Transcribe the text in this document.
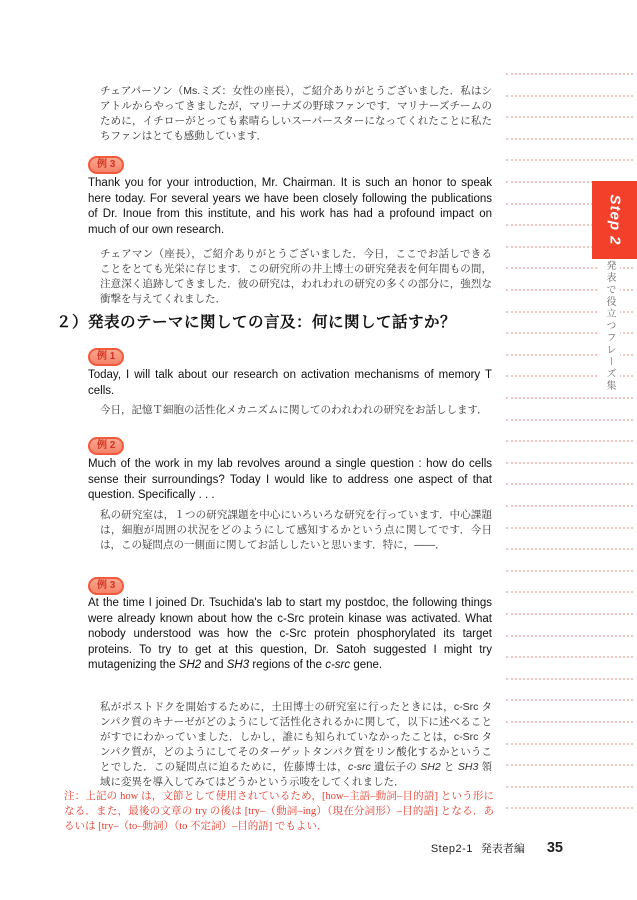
Step 2
発表で役立つフレーズ集
チェアパーソン（Ms.ミズ：女性の座長），ご紹介ありがとうございました．私はシアトルからやってきましたが，マリーナズの野球ファンです．マリナーズチームのために，イチローがとっても素晴らしいスーパースターになってくれたことに私たちファンはとても感動しています．
例 3
Thank you for your introduction, Mr. Chairman. It is such an honor to speak here today. For several years we have been closely following the publications of Dr. Inoue from this institute, and his work has had a profound impact on much of our own research.
チェアマン（座長），ご紹介ありがとうございました．今日，ここでお話しできることをとても光栄に存じます．この研究所の井上博士の研究発表を何年間もの間，注意深く追跡してきました．彼の研究は，われわれの研究の多くの部分に，強烈な衝撃を与えてくれました．
２）発表のテーマに関しての言及：何に関して話すか？
例 1
Today, I will talk about our research on activation mechanisms of memory T cells.
今日，記憶Ｔ細胞の活性化メカニズムに関してのわれわれの研究をお話しします．
例 2
Much of the work in my lab revolves around a single question : how do cells sense their surroundings? Today I would like to address one aspect of that question. Specifically . . .
私の研究室は，１つの研究課題を中心にいろいろな研究を行っています．中心課題は，細胞が周囲の状況をどのようにして感知するかという点に関してです．今日は，この疑問点の一側面に関してお話ししたいと思います．特に，――．
例 3
At the time I joined Dr. Tsuchida's lab to start my postdoc, the following things were already known about how the c-Src protein kinase was activated. What nobody understood was how the c-Src protein phosphorylated its target proteins. To try to get at this question, Dr. Satoh suggested I might try mutagenizing the SH2 and SH3 regions of the c-src gene.
私がポストドクを開始するために，土田博士の研究室に行ったときには，c-Src タンパク質のキナーゼがどのようにして活性化されるかに関して，以下に述べることがすでにわかっていました．しかし，誰にも知られていなかったことは，c-Src タンパク質が，どのようにしてそのターゲットタンパク質をリン酸化するかということでした．この疑問点に迫るために，佐藤博士は，c-src 遺伝子の SH2 と SH3 領域に変異を導入してみてはどうかという示唆をしてくれました．
注：上記の how は，文節として使用されているため，[how–主語–動詞–目的語] という形になる．また，最後の文章の try の後は [try–（動詞–ing）（現在分詞形）–目的語] となる．あるいは [try–（to–動詞）（to 不定詞）–目的語] でもよい．
Step2-1 発表者編 35
